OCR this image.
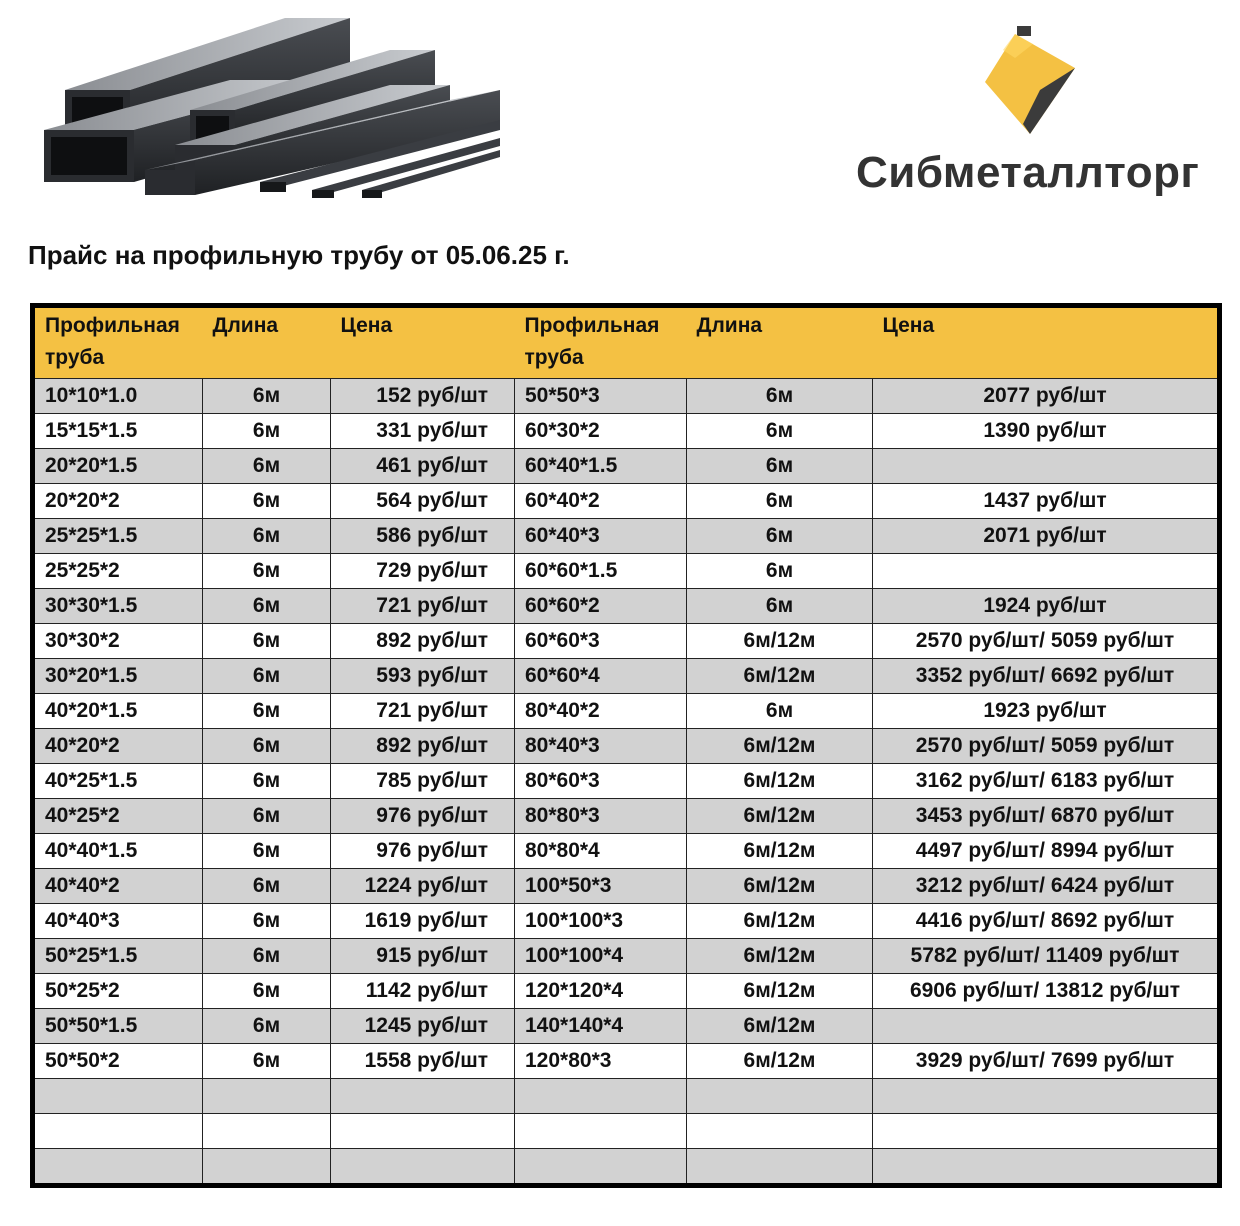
Сибметаллторг
Прайс на профильную трубу от 05.06.25 г.
Профильная труба	Длина	Цена	Профильная труба	Длина	Цена
10*10*1.0	6м	152 руб/шт	50*50*3	6м	2077 руб/шт
15*15*1.5	6м	331 руб/шт	60*30*2	6м	1390 руб/шт
20*20*1.5	6м	461 руб/шт	60*40*1.5	6м	
20*20*2	6м	564 руб/шт	60*40*2	6м	1437 руб/шт
25*25*1.5	6м	586 руб/шт	60*40*3	6м	2071 руб/шт
25*25*2	6м	729 руб/шт	60*60*1.5	6м	
30*30*1.5	6м	721 руб/шт	60*60*2	6м	1924 руб/шт
30*30*2	6м	892 руб/шт	60*60*3	6м/12м	2570 руб/шт/ 5059 руб/шт
30*20*1.5	6м	593 руб/шт	60*60*4	6м/12м	3352 руб/шт/ 6692 руб/шт
40*20*1.5	6м	721 руб/шт	80*40*2	6м	1923 руб/шт
40*20*2	6м	892 руб/шт	80*40*3	6м/12м	2570 руб/шт/ 5059 руб/шт
40*25*1.5	6м	785 руб/шт	80*60*3	6м/12м	3162 руб/шт/ 6183 руб/шт
40*25*2	6м	976 руб/шт	80*80*3	6м/12м	3453 руб/шт/ 6870 руб/шт
40*40*1.5	6м	976 руб/шт	80*80*4	6м/12м	4497 руб/шт/ 8994 руб/шт
40*40*2	6м	1224 руб/шт	100*50*3	6м/12м	3212 руб/шт/ 6424 руб/шт
40*40*3	6м	1619 руб/шт	100*100*3	6м/12м	4416 руб/шт/ 8692 руб/шт
50*25*1.5	6м	915 руб/шт	100*100*4	6м/12м	5782 руб/шт/ 11409 руб/шт
50*25*2	6м	1142 руб/шт	120*120*4	6м/12м	6906 руб/шт/ 13812 руб/шт
50*50*1.5	6м	1245 руб/шт	140*140*4	6м/12м	
50*50*2	6м	1558 руб/шт	120*80*3	6м/12м	3929 руб/шт/ 7699 руб/шт
